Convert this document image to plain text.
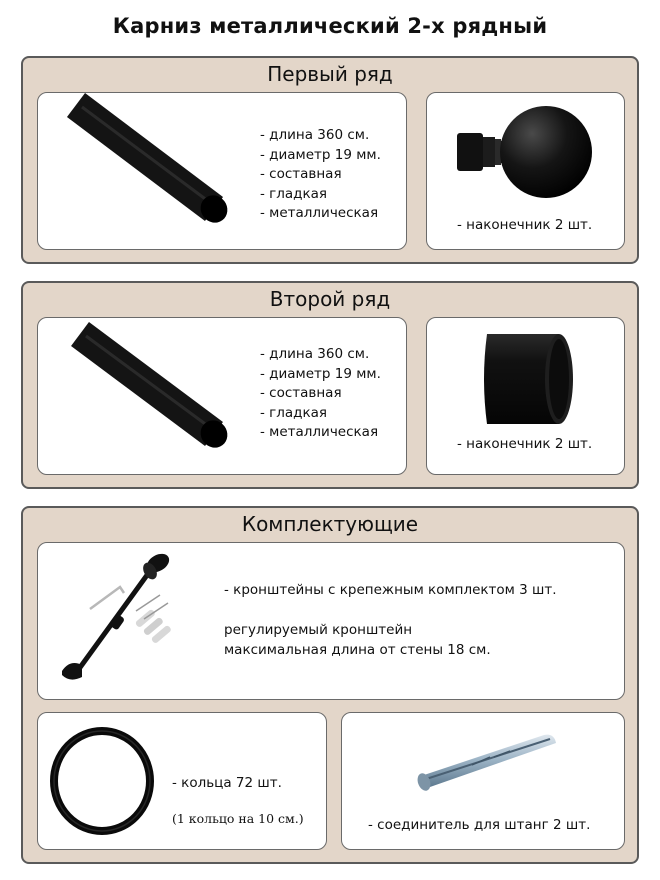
Карниз металлический 2-х рядный
Первый ряд
- длина 360 см.
- диаметр 19 мм.
- составная
- гладкая
- металлическая
- наконечник 2 шт.
Второй ряд
- длина 360 см.
- диаметр 19 мм.
- составная
- гладкая
- металлическая
- наконечник 2 шт.
Комплектующие
- кронштейны с крепежным комплектом 3 шт.
регулируемый кронштейн
максимальная длина от стены 18 см.
- кольца 72 шт.
(1 кольцо на 10 см.)	- соединитель для штанг 2 шт.
